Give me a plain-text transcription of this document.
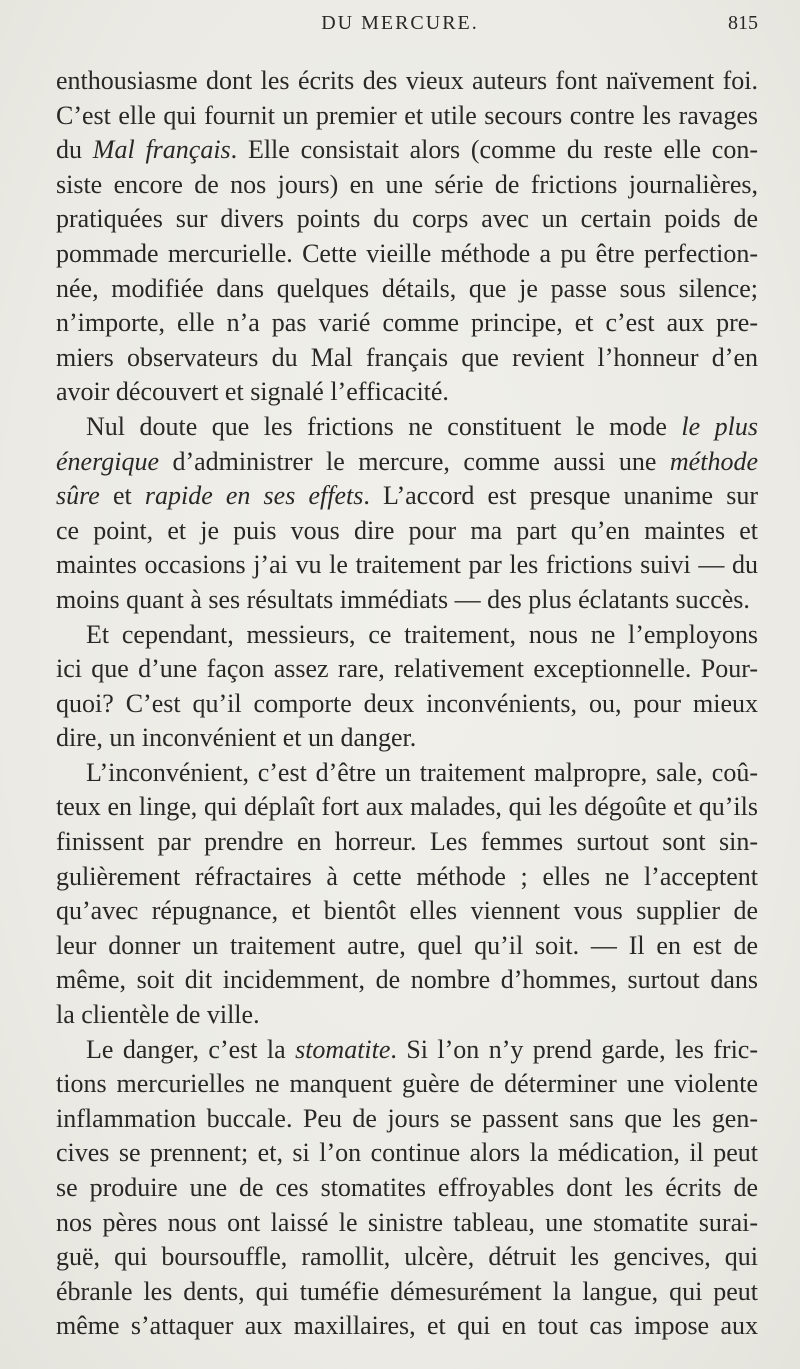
DU MERCURE.	815
enthousiasme dont les écrits des vieux auteurs font naïvement foi.
C’est elle qui fournit un premier et utile secours contre les ravages
du Mal français. Elle consistait alors (comme du reste elle con-
siste encore de nos jours) en une série de frictions journalières,
pratiquées sur divers points du corps avec un certain poids de
pommade mercurielle. Cette vieille méthode a pu être perfection-
née, modifiée dans quelques détails, que je passe sous silence;
n’importe, elle n’a pas varié comme principe, et c’est aux pre-
miers observateurs du Mal français que revient l’honneur d’en
avoir découvert et signalé l’efficacité.
Nul doute que les frictions ne constituent le mode le plus
énergique d’administrer le mercure, comme aussi une méthode
sûre et rapide en ses effets. L’accord est presque unanime sur
ce point, et je puis vous dire pour ma part qu’en maintes et
maintes occasions j’ai vu le traitement par les frictions suivi — du
moins quant à ses résultats immédiats — des plus éclatants succès.
Et cependant, messieurs, ce traitement, nous ne l’employons
ici que d’une façon assez rare, relativement exceptionnelle. Pour-
quoi? C’est qu’il comporte deux inconvénients, ou, pour mieux
dire, un inconvénient et un danger.
L’inconvénient, c’est d’être un traitement malpropre, sale, coû-
teux en linge, qui déplaît fort aux malades, qui les dégoûte et qu’ils
finissent par prendre en horreur. Les femmes surtout sont sin-
gulièrement réfractaires à cette méthode ; elles ne l’acceptent
qu’avec répugnance, et bientôt elles viennent vous supplier de
leur donner un traitement autre, quel qu’il soit. — Il en est de
même, soit dit incidemment, de nombre d’hommes, surtout dans
la clientèle de ville.
Le danger, c’est la stomatite. Si l’on n’y prend garde, les fric-
tions mercurielles ne manquent guère de déterminer une violente
inflammation buccale. Peu de jours se passent sans que les gen-
cives se prennent; et, si l’on continue alors la médication, il peut
se produire une de ces stomatites effroyables dont les écrits de
nos pères nous ont laissé le sinistre tableau, une stomatite surai-
guë, qui boursouffle, ramollit, ulcère, détruit les gencives, qui
ébranle les dents, qui tuméfie démesurément la langue, qui peut
même s’attaquer aux maxillaires, et qui en tout cas impose aux
